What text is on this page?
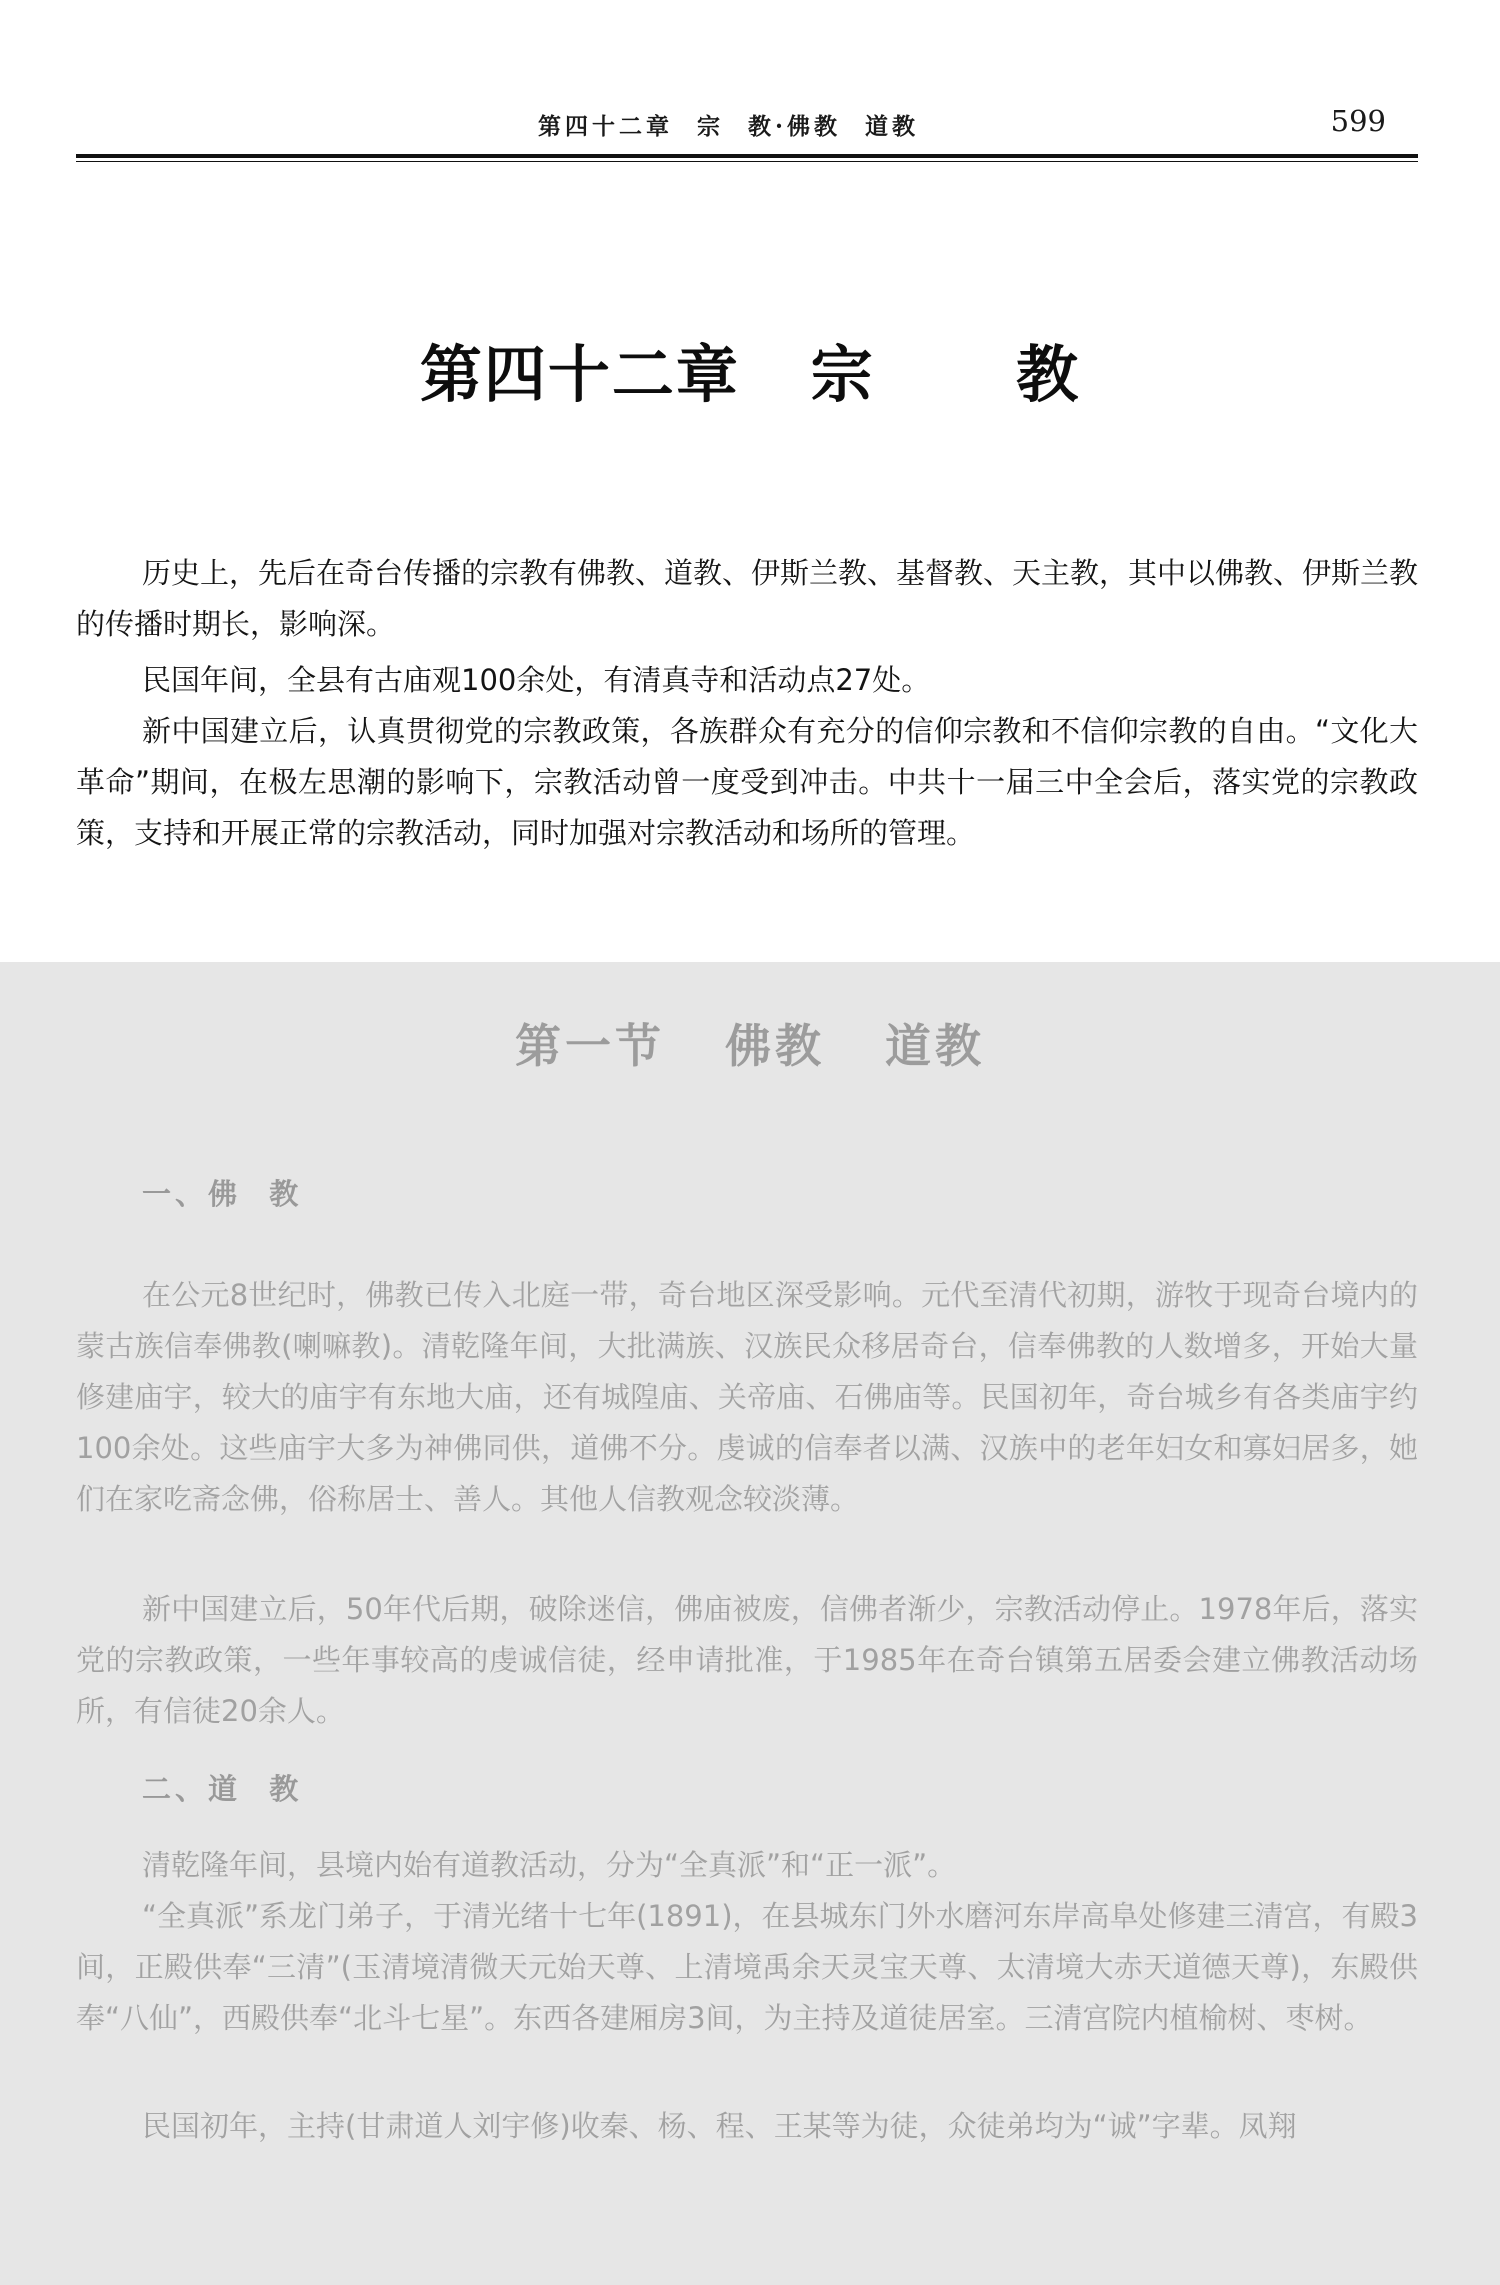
第四十二章  宗  教·佛教  道教	599
第四十二章   宗      教

历史上，先后在奇台传播的宗教有佛教、道教、伊斯兰教、基督教、天主教，其中以佛教、伊斯兰教的传播时期长，影响深。

民国年间，全县有古庙观100余处，有清真寺和活动点27处。

新中国建立后，认真贯彻党的宗教政策，各族群众有充分的信仰宗教和不信仰宗教的自由。“文化大革命”期间，在极左思潮的影响下，宗教活动曾一度受到冲击。中共十一届三中全会后，落实党的宗教政策，支持和开展正常的宗教活动，同时加强对宗教活动和场所的管理。

第一节   佛教   道教
一、佛  教

在公元8世纪时，佛教已传入北庭一带，奇台地区深受影响。元代至清代初期，游牧于现奇台境内的蒙古族信奉佛教(喇嘛教)。清乾隆年间，大批满族、汉族民众移居奇台，信奉佛教的人数增多，开始大量修建庙宇，较大的庙宇有东地大庙，还有城隍庙、关帝庙、石佛庙等。民国初年，奇台城乡有各类庙宇约100余处。这些庙宇大多为神佛同供，道佛不分。虔诚的信奉者以满、汉族中的老年妇女和寡妇居多，她们在家吃斋念佛，俗称居士、善人。其他人信教观念较淡薄。

新中国建立后，50年代后期，破除迷信，佛庙被废，信佛者渐少，宗教活动停止。1978年后，落实党的宗教政策，一些年事较高的虔诚信徒，经申请批准，于1985年在奇台镇第五居委会建立佛教活动场所，有信徒20余人。

二、道  教

清乾隆年间，县境内始有道教活动，分为“全真派”和“正一派”。

“全真派”系龙门弟子，于清光绪十七年(1891)，在县城东门外水磨河东岸高阜处修建三清宫，有殿3间，正殿供奉“三清”(玉清境清微天元始天尊、上清境禹余天灵宝天尊、太清境大赤天道德天尊)，东殿供奉“八仙”，西殿供奉“北斗七星”。东西各建厢房3间，为主持及道徒居室。三清宫院内植榆树、枣树。

民国初年，主持(甘肃道人刘宇修)收秦、杨、程、王某等为徒，众徒弟均为“诚”字辈。凤翔
